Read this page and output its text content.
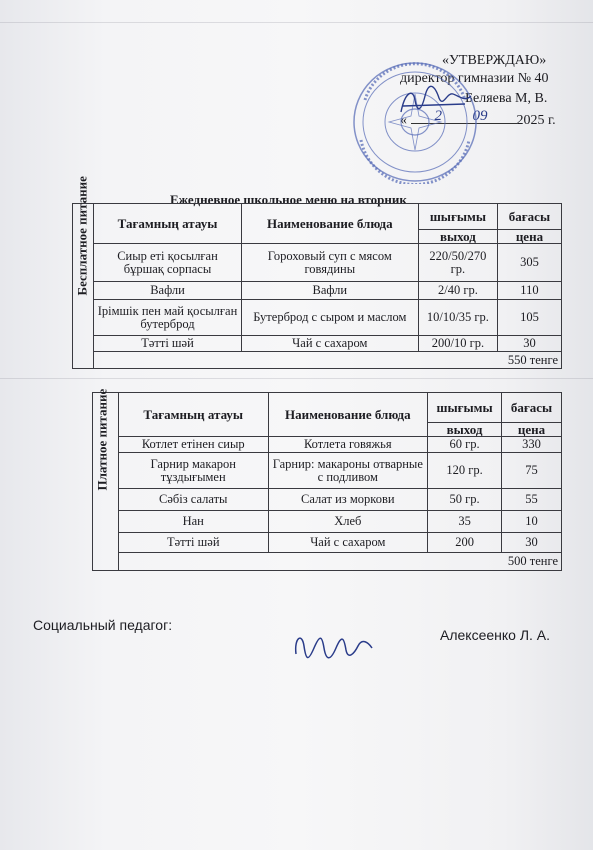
«УТВЕРЖДАЮ»
директор гимназии № 40
Беляева М, В.
« 2 09 2025 г.
Ежедневное школьное меню на вторник
Бесплатное питание	Тағамның атауы	Наименование блюда	шығымы	бағасы
			выход	цена
	Сиыр еті қосылған бұршақ сорпасы	Гороховый суп с мясом говядины	220/50/270 гр.	305
	Вафли	Вафли	2/40 гр.	110
	Ірімшік пен май қосылған бутерброд	Бутерброд с сыром и маслом	10/10/35 гр.	105
	Тәтті шәй	Чай с сахаром	200/10 гр.	30
	550 тенге			
Платное питание	Тағамның атауы	Наименование блюда	шығымы	бағасы
			выход	цена
	Котлет етінен сиыр	Котлета говяжья	60 гр.	330
	Гарнир макарон тұздығымен	Гарнир: макароны отварные с подливом	120 гр.	75
	Сәбіз салаты	Салат из моркови	50 гр.	55
	Нан	Хлеб	35	10
	Тәтті шәй	Чай с сахаром	200	30
	500 тенге			
Социальный педагог:
Алексеенко Л. А.
